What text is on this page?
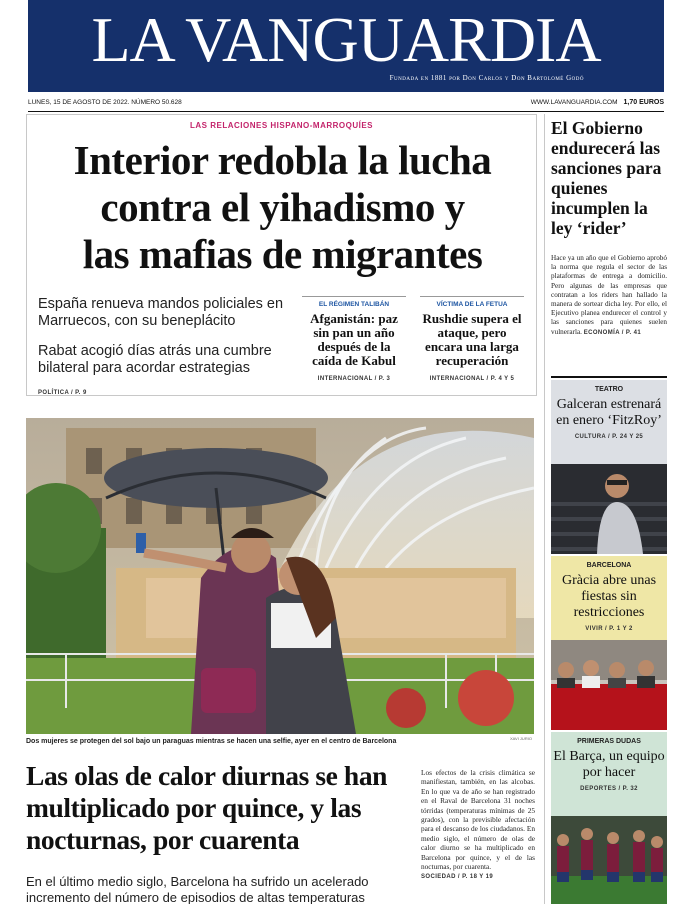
LA VANGUARDIA
Fundada en 1881 por Don Carlos y Don Bartolomé Godó
LUNES, 15 DE AGOSTO DE 2022. NÚMERO 50.628	WWW.LAVANGUARDIA.COM 1,70 EUROS
LAS RELACIONES HISPANO-MARROQUÍES
Interior redobla la lucha
contra el yihadismo y
las mafias de migrantes

España renueva mandos policiales en Marruecos, con su beneplácito

Rabat acogió días atrás una cumbre bilateral para acordar estrategias

POLÍTICA / P. 9
EL RÉGIMEN TALIBÁN
Afganistán: paz sin pan un año después de la caída de Kabul
INTERNACIONAL / P. 3
VÍCTIMA DE LA FETUA
Rushdie supera el ataque, pero encara una larga recuperación
INTERNACIONAL / P. 4 Y 5
Dos mujeres se protegen del sol bajo un paraguas mientras se hacen una selfie, ayer en el centro de Barcelona	XAVI JURIO
Las olas de calor diurnas se han multiplicado por quince, y las nocturnas, por cuarenta
En el último medio siglo, Barcelona ha sufrido un acelerado incremento del número de episodios de altas temperaturas
Los efectos de la crisis climática se manifiestan, también, en las alcobas. En lo que va de año se han registrado en el Raval de Barcelona 31 noches tórridas (temperaturas mínimas de 25 grados), con la previsible afectación para el descanso de los ciudadanos. En medio siglo, el número de olas de calor diurno se ha multiplicado en Barcelona por quince, y el de las nocturnas, por cuarenta.
SOCIEDAD / P. 18 Y 19
El Gobierno endurecerá las sanciones para quienes incumplen la ley ‘rider’
Hace ya un año que el Gobierno aprobó la norma que regula el sector de las plataformas de entrega a domicilio. Pero algunas de las empresas que contratan a los riders han hallado la manera de sortear dicha ley. Por ello, el Ejecutivo planea endurecer el control y las sanciones para quienes suelen vulnerarla. ECONOMÍA / P. 41
TEATRO
Galceran estrenará en enero ‘FitzRoy’
CULTURA / P. 24 Y 25
BARCELONA
Gràcia abre unas fiestas sin restricciones
VIVIR / P. 1 Y 2
PRIMERAS DUDAS
El Barça, un equipo por hacer
DEPORTES / P. 32
